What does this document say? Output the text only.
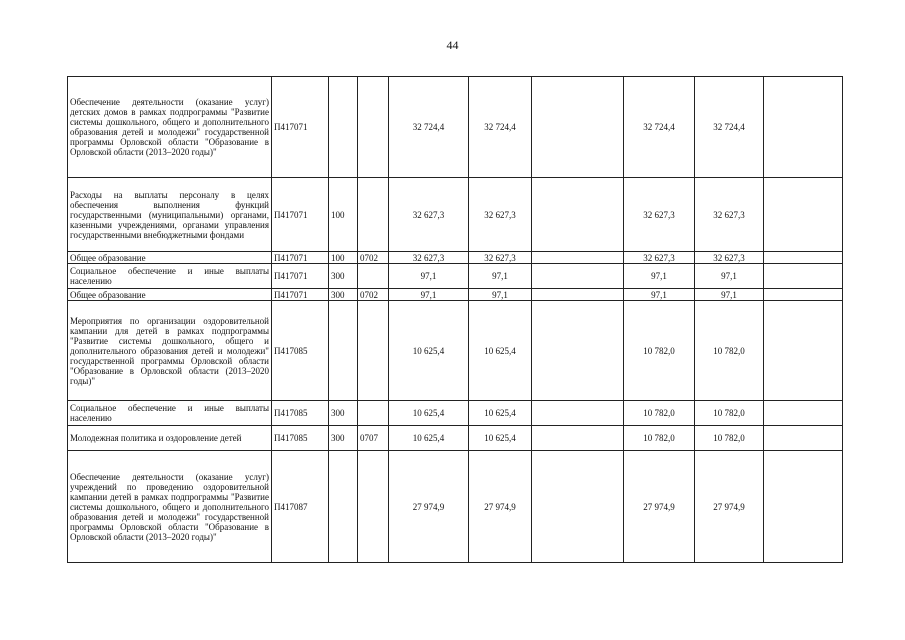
44
Обеспечение деятельности (оказание услуг) детских домов в рамках подпрограммы "Развитие системы дошкольного, общего и дополнительного образования детей и молодежи" государственной программы Орловской области "Образование в Орловской области (2013–2020 годы)"	П417071			32 724,4	32 724,4		32 724,4	32 724,4	
Расходы на выплаты персоналу в целях обеспечения выполнения функций государственными (муниципальными) органами, казенными учреждениями, органами управления государственными внебюджетными фондами	П417071	100		32 627,3	32 627,3		32 627,3	32 627,3	
Общее образование	П417071	100	0702	32 627,3	32 627,3		32 627,3	32 627,3	
Социальное обеспечение и иные выплаты населению	П417071	300		97,1	97,1		97,1	97,1	
Общее образование	П417071	300	0702	97,1	97,1		97,1	97,1	
Мероприятия по организации оздоровительной кампании для детей в рамках подпрограммы "Развитие системы дошкольного, общего и дополнительного образования детей и молодежи" государственной программы Орловской области "Образование в Орловской области (2013–2020 годы)"	П417085			10 625,4	10 625,4		10 782,0	10 782,0	
Социальное обеспечение и иные выплаты населению	П417085	300		10 625,4	10 625,4		10 782,0	10 782,0	
Молодежная политика и оздоровление детей	П417085	300	0707	10 625,4	10 625,4		10 782,0	10 782,0	
Обеспечение деятельности (оказание услуг) учреждений по проведению оздоровительной кампании детей в рамках подпрограммы "Развитие системы дошкольного, общего и дополнительного образования детей и молодежи" государственной программы Орловской области "Образование в Орловской области (2013–2020 годы)"	П417087			27 974,9	27 974,9		27 974,9	27 974,9	
